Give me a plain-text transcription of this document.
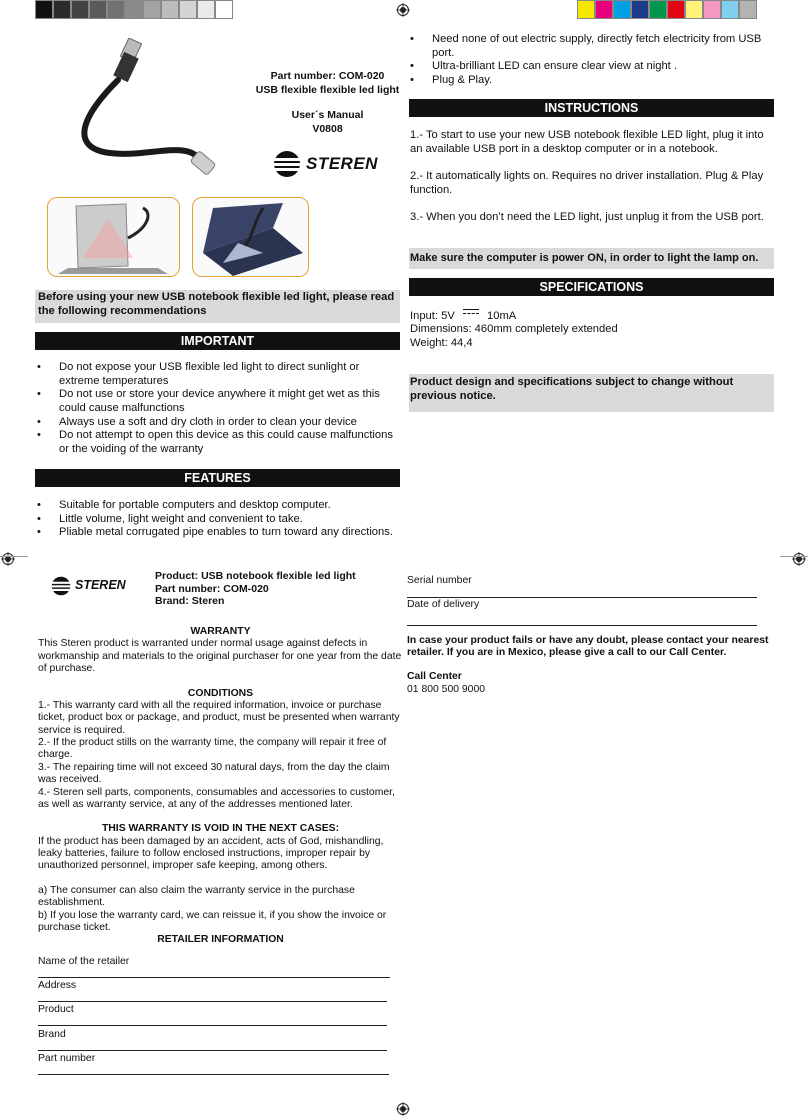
Part number: COM-020
USB flexible flexible led light
User´s Manual
V0808
STEREN
Before using your new USB notebook flexible led light, please read the following recommendations
IMPORTANT
• Do not expose your USB flexible led light to direct sunlight or extreme temperatures
• Do not use or store your device anywhere it might get wet as this could cause malfunctions
• Always use a soft and dry cloth in order to clean your device
• Do not attempt to open this device as this could cause malfunctions or the voiding of the warranty
FEATURES
• Suitable for portable computers and desktop computer.
• Little volume, light weight and convenient to take.
• Pliable metal corrugated pipe enables to turn toward any directions.
• Need none of out electric supply, directly fetch electricity from USB port.
• Ultra-brilliant LED can ensure clear view at night .
• Plug & Play.
INSTRUCTIONS
1.- To start to use your new USB notebook flexible LED light, plug it into an available USB port in a desktop computer or in a notebook.
2.- It automatically lights on. Requires no driver installation. Plug & Play function.
3.- When you don’t need the LED light, just unplug it from the USB port.
Make sure the computer is power ON, in order to light the lamp on.
SPECIFICATIONS
Input: 5V	10mA
Dimensions: 460mm completely extended
Weight: 44,4
Product design and specifications subject to change without previous notice.
STEREN
Product: USB notebook flexible led light
Part number: COM-020
Brand: Steren
WARRANTY
This Steren product is warranted under normal usage against defects in workmanship and materials to the original purchaser for one year from the date of purchase.
CONDITIONS
1.- This warranty card with all the required information, invoice or purchase ticket, product box or package, and product, must be presented when warranty service is required.
2.- If the product stills on the warranty time, the company will repair it free of charge.
3.- The repairing time will not exceed 30 natural days, from the day the claim was received.
4.- Steren sell parts, components, consumables and accessories to customer, as well as warranty service, at any of the addresses mentioned later.
THIS WARRANTY IS VOID IN THE NEXT CASES:
If the product has been damaged by an accident, acts of God, mishandling, leaky batteries, failure to follow enclosed instructions, improper repair by unauthorized personnel, improper safe keeping, among others.
a) The consumer can also claim the warranty service in the purchase establishment.
b) If you lose the warranty card, we can reissue it, if you show the invoice or purchase ticket.
RETAILER INFORMATION
Name of the retailer
Address
Product
Brand
Part number
Serial number
Date of delivery
In case your product fails or have any doubt, please contact your nearest retailer. If you are in Mexico, please give a call to our Call Center.
Call Center
01 800 500 9000
